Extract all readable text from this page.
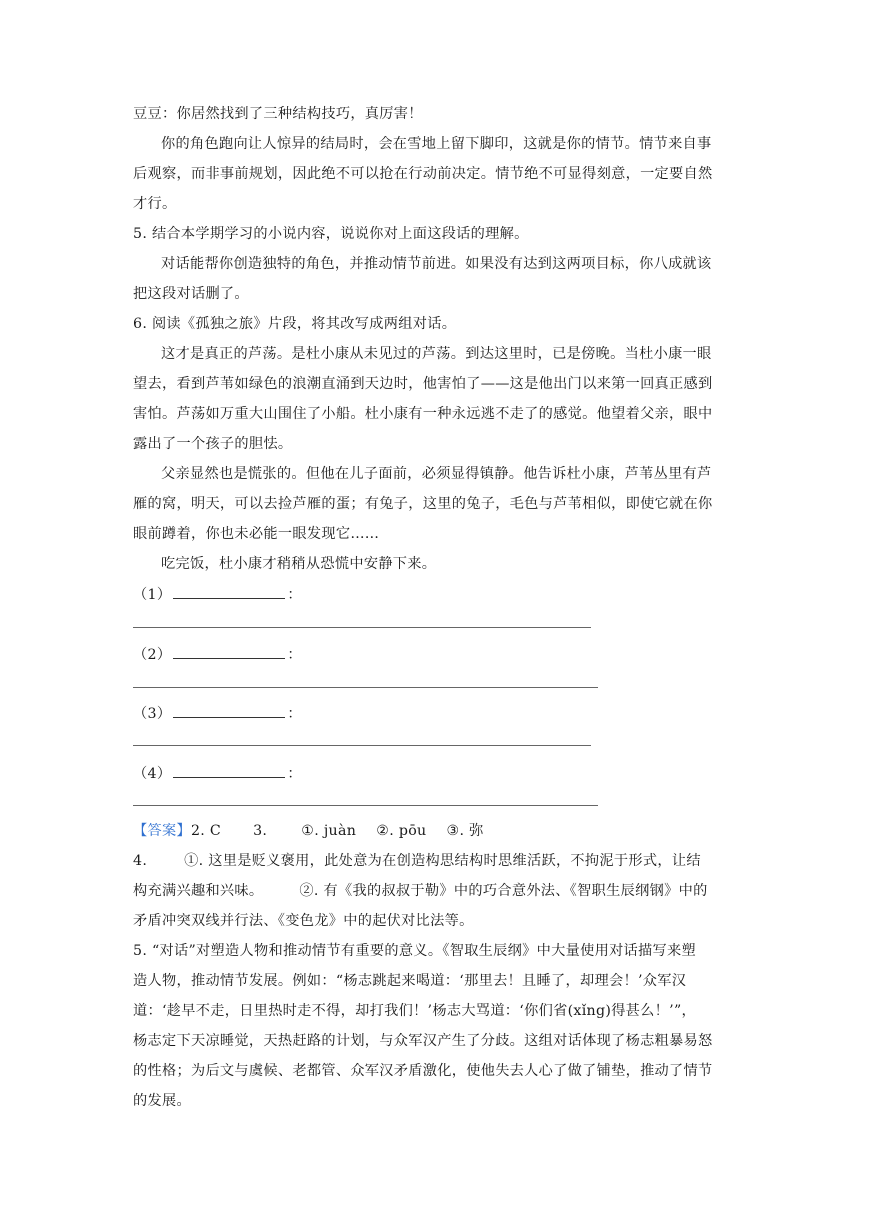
豆豆：你居然找到了三种结构技巧，真厉害！
你的角色跑向让人惊异的结局时，会在雪地上留下脚印，这就是你的情节。情节来自事
后观察，而非事前规划，因此绝不可以抢在行动前决定。情节绝不可显得刻意，一定要自然
才行。
5. 结合本学期学习的小说内容，说说你对上面这段话的理解。
对话能帮你创造独特的角色，并推动情节前进。如果没有达到这两项目标，你八成就该
把这段对话删了。
6. 阅读《孤独之旅》片段，将其改写成两组对话。
这才是真正的芦荡。是杜小康从未见过的芦荡。到达这里时，已是傍晚。当杜小康一眼
望去，看到芦苇如绿色的浪潮直涌到天边时，他害怕了——这是他出门以来第一回真正感到
害怕。芦荡如万重大山围住了小船。杜小康有一种永远逃不走了的感觉。他望着父亲，眼中
露出了一个孩子的胆怯。
父亲显然也是慌张的。但他在儿子面前，必须显得镇静。他告诉杜小康，芦苇丛里有芦
雁的窝，明天，可以去捡芦雁的蛋；有兔子，这里的兔子，毛色与芦苇相似，即使它就在你
眼前蹲着，你也未必能一眼发现它……
吃完饭，杜小康才稍稍从恐慌中安静下来。
（1）	：
（2）	：
（3）	：
（4）	：
【答案】2. C 3. ①. juàn ②. pōu ③. 弥
4.	①. 这里是贬义褒用，此处意为在创造构思结构时思维活跃，不拘泥于形式，让结
构充满兴趣和兴味。	②. 有《我的叔叔于勒》中的巧合意外法、《智职生辰纲钢》中的
矛盾冲突双线并行法、《变色龙》中的起伏对比法等。
5. “对话”对塑造人物和推动情节有重要的意义。《智取生辰纲》中大量使用对话描写来塑
造人物，推动情节发展。例如：“杨志跳起来喝道：‘那里去！且睡了，却理会！’众军汉
道：‘趁早不走，日里热时走不得，却打我们！’杨志大骂道：‘你们省(xǐng)得甚么！’”，
杨志定下天凉睡觉，天热赶路的计划，与众军汉产生了分歧。这组对话体现了杨志粗暴易怒
的性格；为后文与虞候、老都管、众军汉矛盾激化，使他失去人心了做了铺垫，推动了情节
的发展。
